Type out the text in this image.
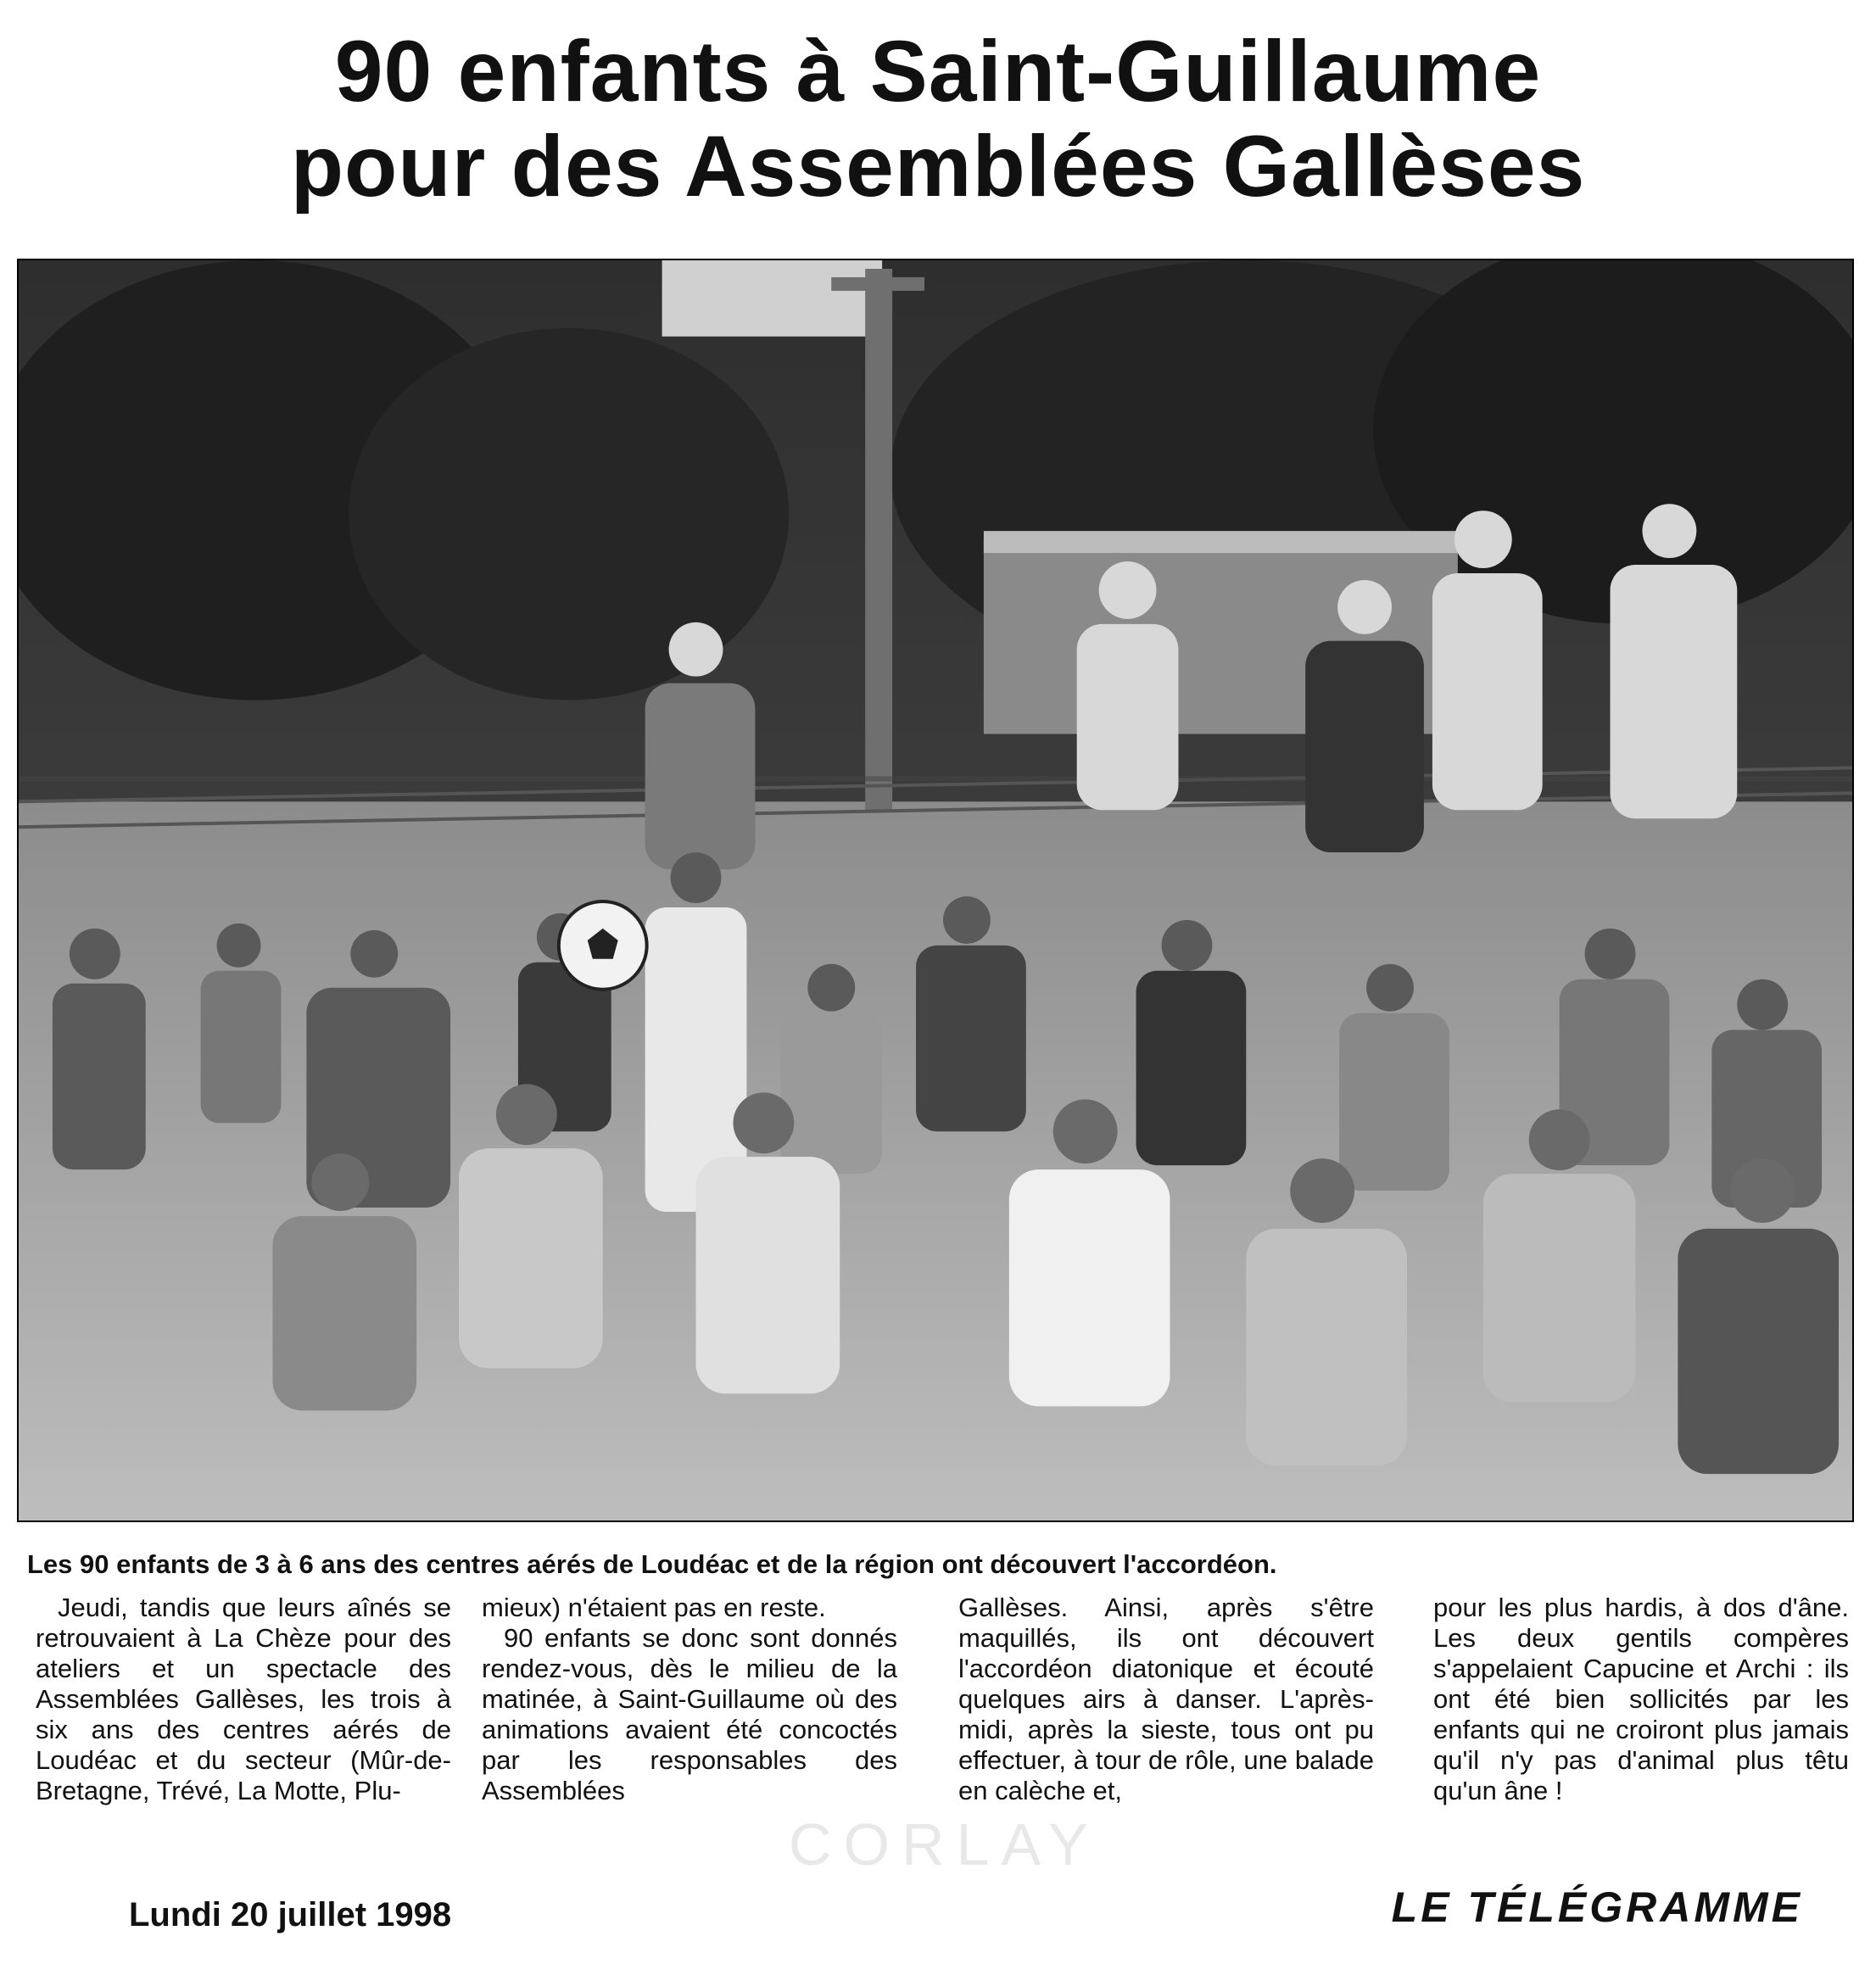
90 enfants à Saint-Guillaume
pour des Assemblées Gallèses
Les 90 enfants de 3 à 6 ans des centres aérés de Loudéac et de la région ont découvert l'accordéon.

Jeudi, tandis que leurs aînés se retrouvaient à La Chèze pour des ateliers et un spectacle des Assemblées Gallèses, les trois à six ans des centres aérés de Loudéac et du secteur (Mûr-de-Bretagne, Trévé, La Motte, Plu-

mieux) n'étaient pas en reste.

90 enfants se donc sont donnés rendez-vous, dès le milieu de la matinée, à Saint-Guillaume où des animations avaient été concoctés par les responsables des Assemblées

Gallèses. Ainsi, après s'être maquillés, ils ont découvert l'accordéon diatonique et écouté quelques airs à danser. L'après-midi, après la sieste, tous ont pu effectuer, à tour de rôle, une balade en calèche et,

pour les plus hardis, à dos d'âne. Les deux gentils compères s'appelaient Capucine et Archi : ils ont été bien sollicités par les enfants qui ne croiront plus jamais qu'il n'y pas d'animal plus têtu qu'un âne !

CORLAY
Lundi 20 juillet 1998	LE TÉLÉGRAMME
